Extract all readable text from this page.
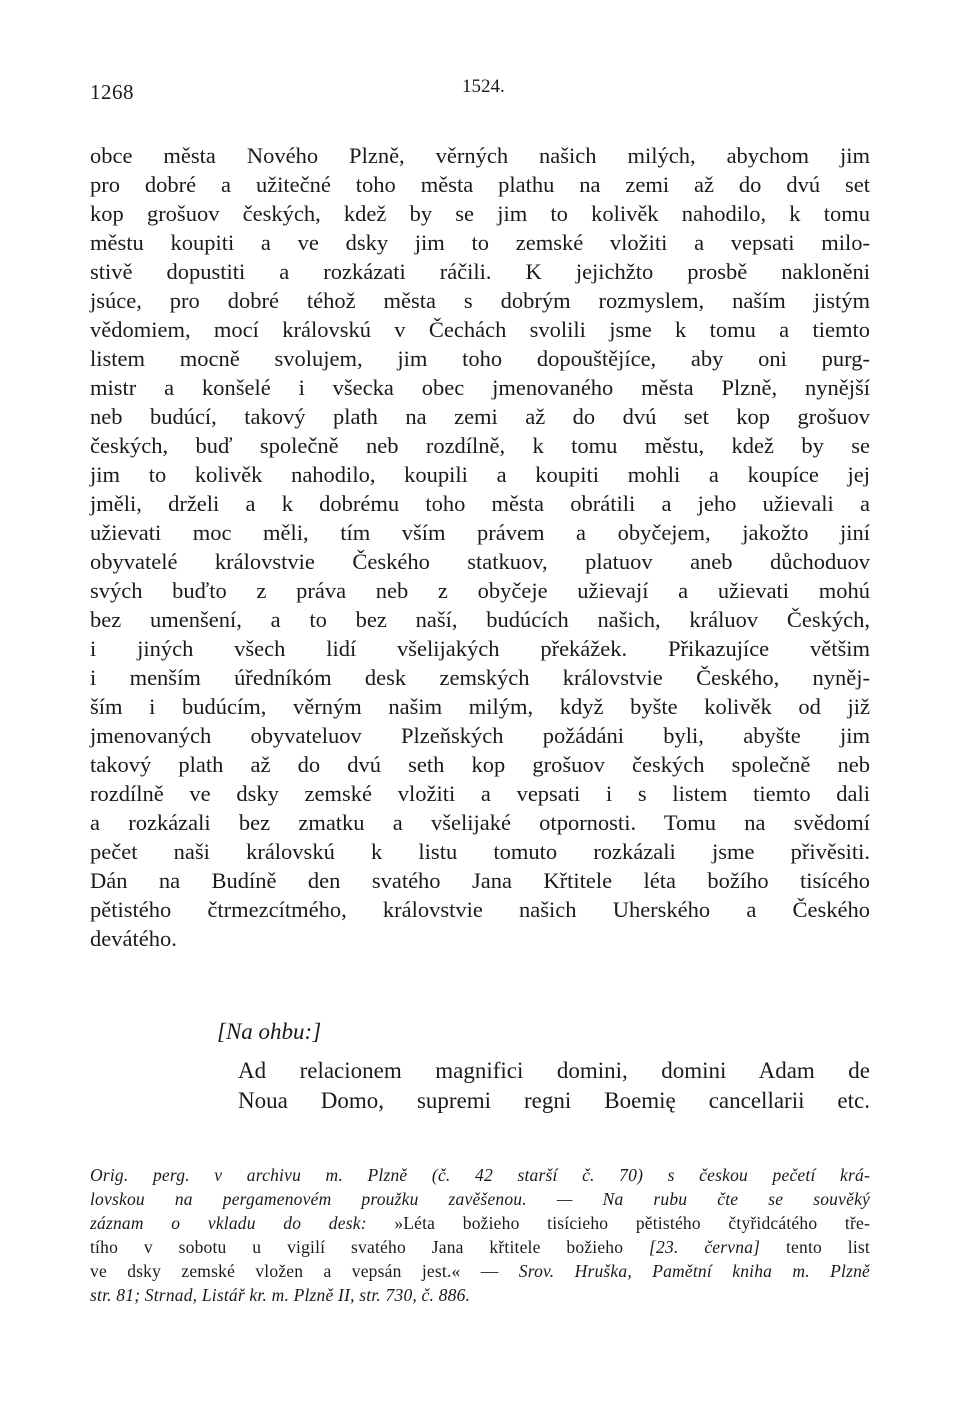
1268	1524.
obce města Nového Plzně, věrných našich milých, abychom jim
pro dobré a užitečné toho města plathu na zemi až do dvú set
kop grošuov českých, kdež by se jim to kolivěk nahodilo, k tomu
městu koupiti a ve dsky jim to zemské vložiti a vepsati milo-
stivě dopustiti a rozkázati ráčili. K jejichžto prosbě nakloněni
jsúce, pro dobré téhož města s dobrým rozmyslem, naším jistým
vědomiem, mocí královskú v Čechách svolili jsme k tomu a tiemto
listem mocně svolujem, jim toho dopouštějíce, aby oni purg-
mistr a konšelé i všecka obec jmenovaného města Plzně, nynější
neb budúcí, takový plath na zemi až do dvú set kop grošuov
českých, buď společně neb rozdílně, k tomu městu, kdež by se
jim to kolivěk nahodilo, koupili a koupiti mohli a koupíce jej
jměli, drželi a k dobrému toho města obrátili a jeho užievali a
užievati moc měli, tím vším právem a obyčejem, jakožto jiní
obyvatelé královstvie Českého statkuov, platuov aneb důchoduov
svých buďto z práva neb z obyčeje užievají a užievati mohú
bez umenšení, a to bez naší, budúcích našich, králuov Českých,
i jiných všech lidí všelijakých překážek. Přikazujíce většim
i menším úředníkóm desk zemských královstvie Českého, nyněj-
ším i budúcím, věrným našim milým, když byšte kolivěk od již
jmenovaných obyvateluov Plzeňských požádáni byli, abyšte jim
takový plath až do dvú seth kop grošuov českých společně neb
rozdílně ve dsky zemské vložiti a vepsati i s listem tiemto dali
a rozkázali bez zmatku a všelijaké otpornosti. Tomu na svědomí
pečet naši královskú k listu tomuto rozkázali jsme přivěsiti.
Dán na Budíně den svatého Jana Křtitele léta božího tisícého
pětistého čtrmezcítmého, královstvie našich Uherského a Českého
devátého.
[Na ohbu:]
Ad relacionem magnifici domini, domini Adam de
Noua Domo, supremi regni Boemię cancellarii etc.
Orig. perg. v archivu m. Plzně (č. 42 starší č. 70) s českou pečetí krá-
lovskou na pergamenovém proužku zavěšenou. — Na rubu čte se souvěký
záznam o vkladu do desk: »Léta božieho tisícieho pětistého čtyřidcátého tře-
tího v sobotu u vigilí svatého Jana křtitele božieho [23. června] tento list
ve dsky zemské vložen a vepsán jest.« — Srov. Hruška, Pamětní kniha m. Plzně
str. 81; Strnad, Listář kr. m. Plzně II, str. 730, č. 886.
